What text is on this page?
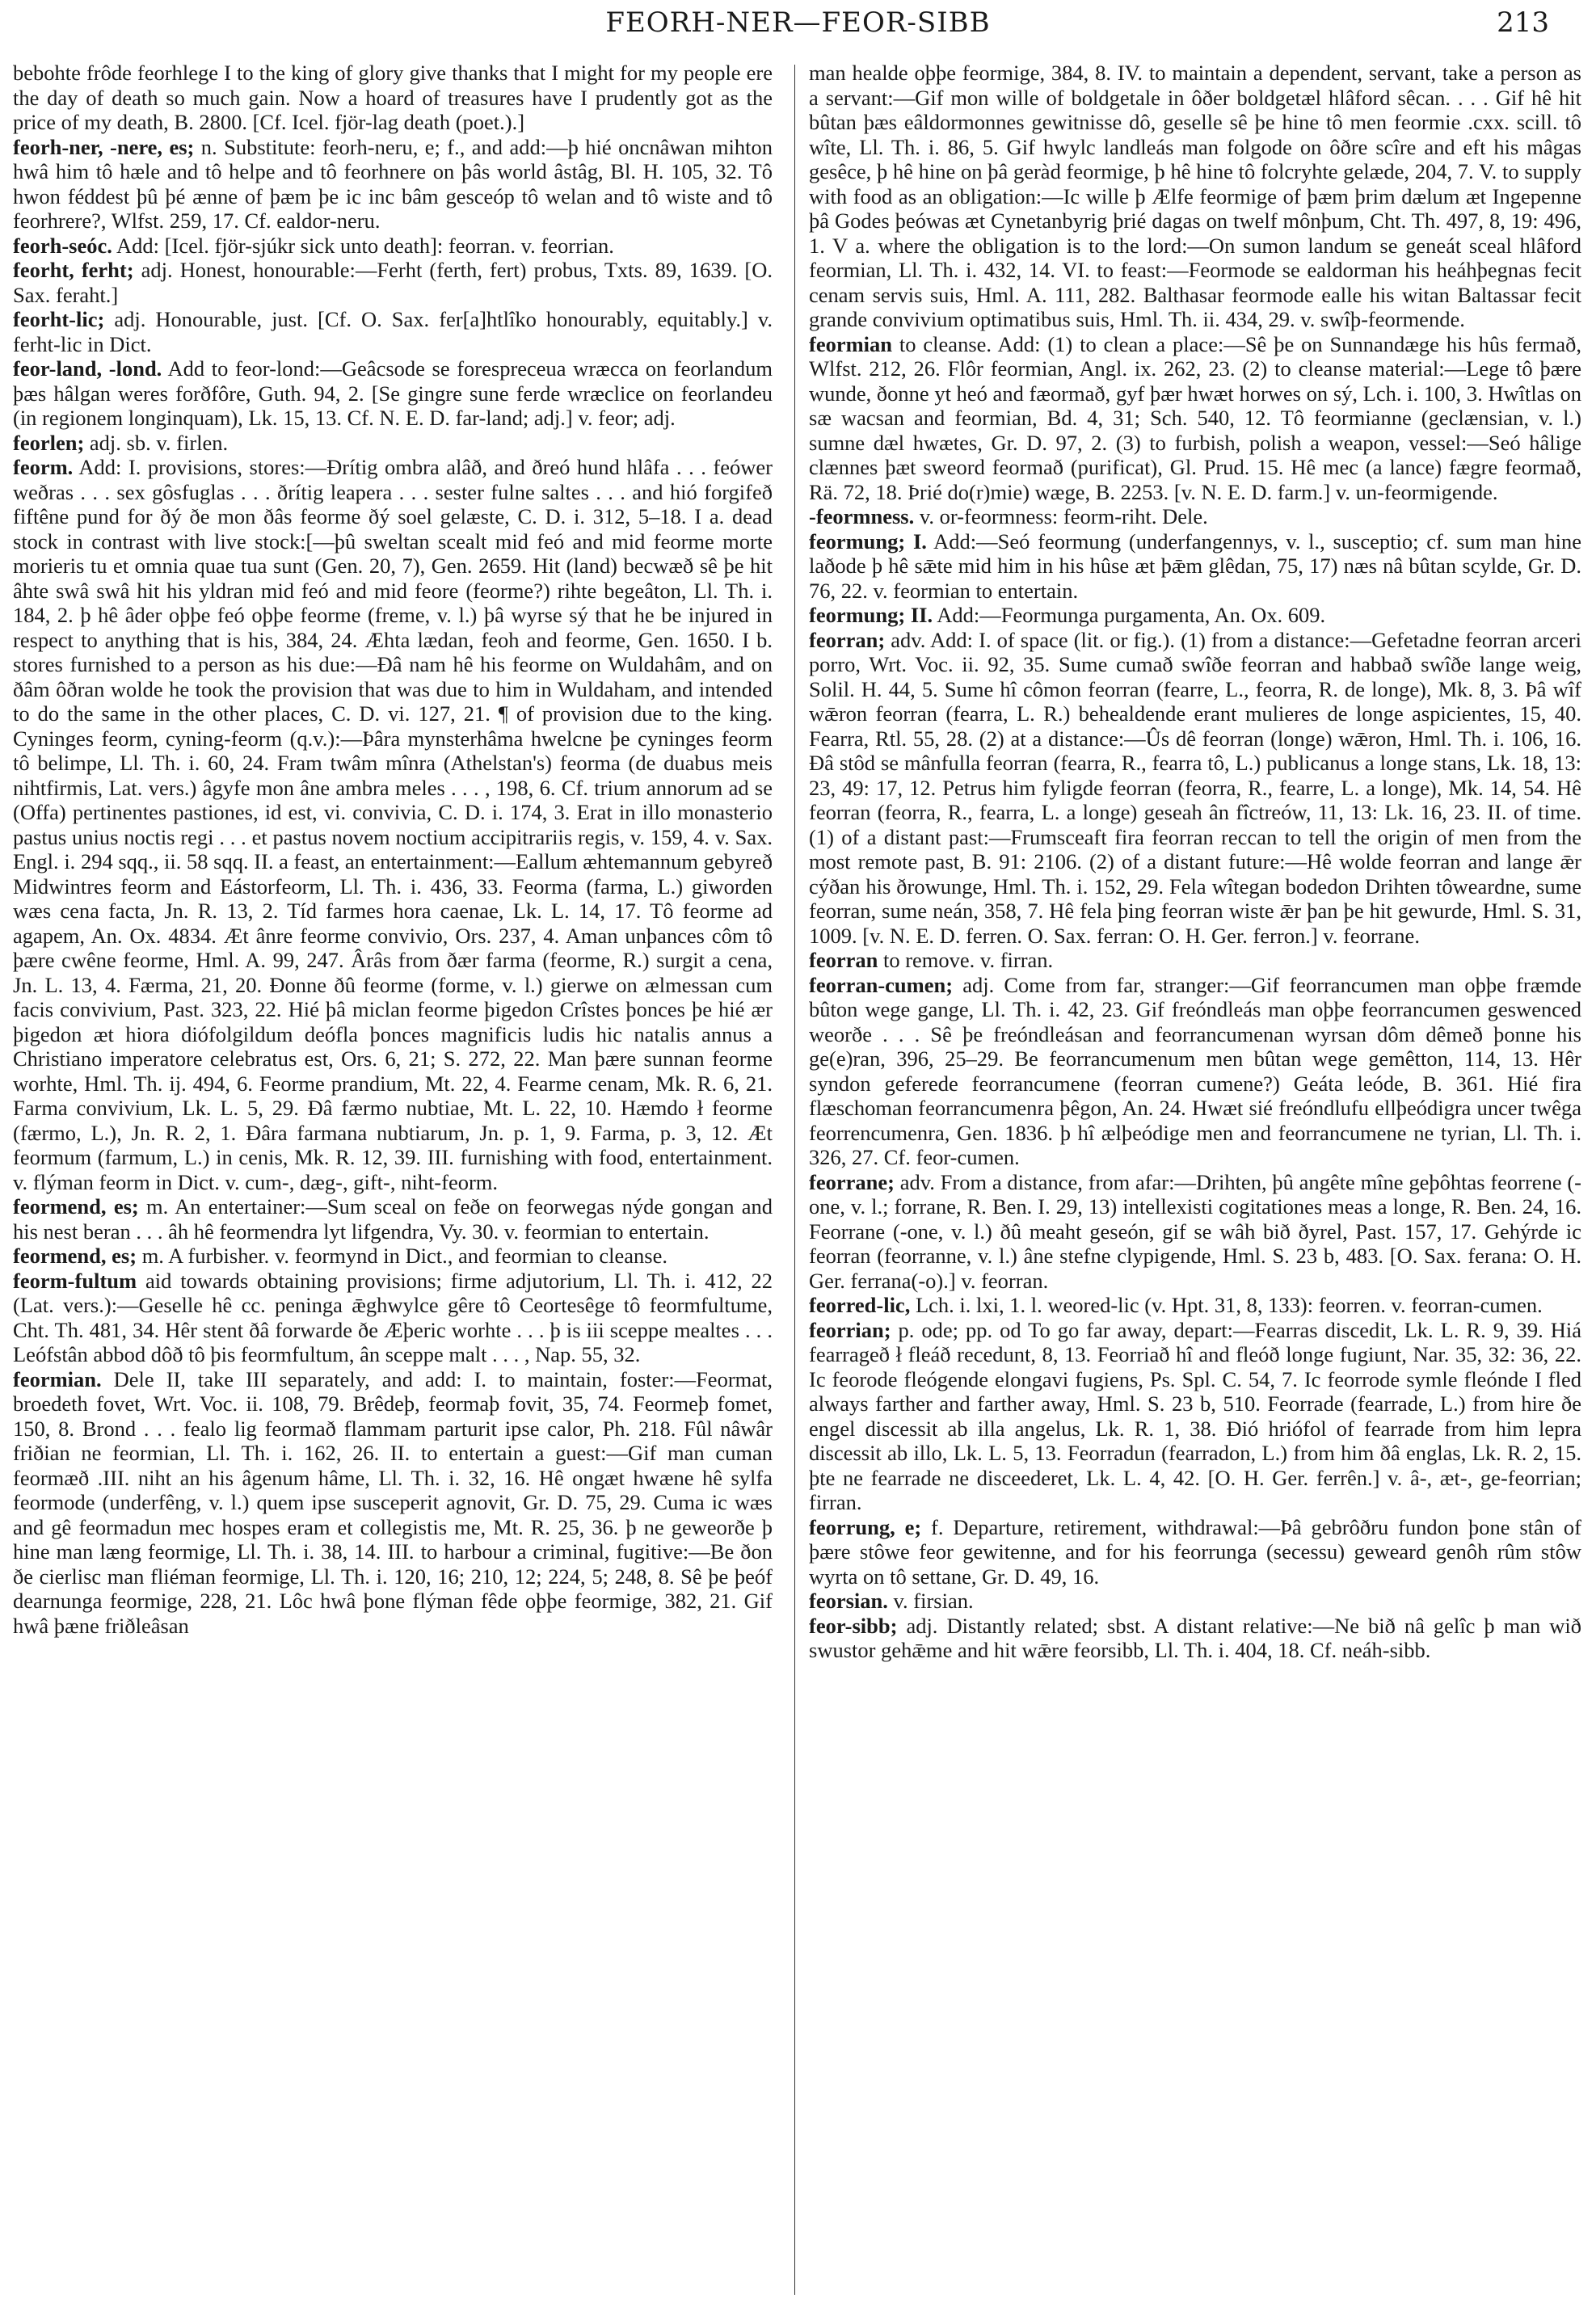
FEORH-NER—FEOR-SIBB	213

bebohte frôde feorhlege I to the king of glory give thanks that I might for my people ere the day of death so much gain. Now a hoard of treasures have I prudently got as the price of my death, B. 2800. [Cf. Icel. fjör-lag death (poet.).]

feorh-ner, -nere, es; n. Substitute: feorh-neru, e; f., and add:—þ hié oncnâwan mihton hwâ him tô hæle and tô helpe and tô feorhnere on þâs world âstâg, Bl. H. 105, 32. Tô hwon féddest þû þé ænne of þæm þe ic inc bâm gesceóp tô welan and tô wiste and tô feorhrere?, Wlfst. 259, 17. Cf. ealdor-neru.

feorh-seóc. Add: [Icel. fjör-sjúkr sick unto death]: feorran. v. feorrian.

feorht, ferht; adj. Honest, honourable:—Ferht (ferth, fert) probus, Txts. 89, 1639. [O. Sax. feraht.]

feorht-lic; adj. Honourable, just. [Cf. O. Sax. fer[a]htlîko honourably, equitably.] v. ferht-lic in Dict.

feor-land, -lond. Add to feor-lond:—Geâcsode se forespreceua wræcca on feorlandum þæs hâlgan weres forðfôre, Guth. 94, 2. [Se gingre sune ferde wræclice on feorlandeu (in regionem longinquam), Lk. 15, 13. Cf. N. E. D. far-land; adj.] v. feor; adj.

feorlen; adj. sb. v. firlen.

feorm. Add: I. provisions, stores:—Ðrítig ombra alâð, and ðreó hund hlâfa . . . feówer weðras . . . sex gôsfuglas . . . ðrítig leapera . . . sester fulne saltes . . . and hió forgifeð fiftêne pund for ðý ðe mon ðâs feorme ðý soel gelæste, C. D. i. 312, 5–18. I a. dead stock in contrast with live stock:[—þû sweltan scealt mid feó and mid feorme morte morieris tu et omnia quae tua sunt (Gen. 20, 7), Gen. 2659. Hit (land) becwæð sê þe hit âhte swâ swâ hit his yldran mid feó and mid feore (feorme?) rihte begeâton, Ll. Th. i. 184, 2. þ hê âder oþþe feó oþþe feorme (freme, v. l.) þâ wyrse sý that he be injured in respect to anything that is his, 384, 24. Æhta lædan, feoh and feorme, Gen. 1650. I b. stores furnished to a person as his due:—Ðâ nam hê his feorme on Wuldahâm, and on ðâm ôðran wolde he took the provision that was due to him in Wuldaham, and intended to do the same in the other places, C. D. vi. 127, 21. ¶ of provision due to the king. Cyninges feorm, cyning-feorm (q.v.):—Þâra mynsterhâma hwelcne þe cyninges feorm tô belimpe, Ll. Th. i. 60, 24. Fram twâm mînra (Athelstan's) feorma (de duabus meis nihtfirmis, Lat. vers.) âgyfe mon âne ambra meles . . . , 198, 6. Cf. trium annorum ad se (Offa) pertinentes pastiones, id est, vi. convivia, C. D. i. 174, 3. Erat in illo monasterio pastus unius noctis regi . . . et pastus novem noctium accipitrariis regis, v. 159, 4. v. Sax. Engl. i. 294 sqq., ii. 58 sqq. II. a feast, an entertainment:—Eallum æhtemannum gebyreð Midwintres feorm and Eástorfeorm, Ll. Th. i. 436, 33. Feorma (farma, L.) giworden wæs cena facta, Jn. R. 13, 2. Tíd farmes hora caenae, Lk. L. 14, 17. Tô feorme ad agapem, An. Ox. 4834. Æt ânre feorme convivio, Ors. 237, 4. Aman unþances côm tô þære cwêne feorme, Hml. A. 99, 247. Ârâs from ðær farma (feorme, R.) surgit a cena, Jn. L. 13, 4. Færma, 21, 20. Ðonne ðû feorme (forme, v. l.) gierwe on ælmessan cum facis convivium, Past. 323, 22. Hié þâ miclan feorme þigedon Crîstes þonces þe hié ær þigedon æt hiora diófolgildum deófla þonces magnificis ludis hic natalis annus a Christiano imperatore celebratus est, Ors. 6, 21; S. 272, 22. Man þære sunnan feorme worhte, Hml. Th. ij. 494, 6. Feorme prandium, Mt. 22, 4. Fearme cenam, Mk. R. 6, 21. Farma convivium, Lk. L. 5, 29. Ðâ færmo nubtiae, Mt. L. 22, 10. Hæmdo ł feorme (færmo, L.), Jn. R. 2, 1. Ðâra farmana nubtiarum, Jn. p. 1, 9. Farma, p. 3, 12. Æt feormum (farmum, L.) in cenis, Mk. R. 12, 39. III. furnishing with food, entertainment. v. flýman feorm in Dict. v. cum-, dæg-, gift-, niht-feorm.

feormend, es; m. An entertainer:—Sum sceal on feðe on feorwegas nýde gongan and his nest beran . . . âh hê feormendra lyt lifgendra, Vy. 30. v. feormian to entertain.

feormend, es; m. A furbisher. v. feormynd in Dict., and feormian to cleanse.

feorm-fultum aid towards obtaining provisions; firme adjutorium, Ll. Th. i. 412, 22 (Lat. vers.):—Geselle hê cc. peninga ǣghwylce gêre tô Ceortesêge tô feormfultume, Cht. Th. 481, 34. Hêr stent ðâ forwarde ðe Æþeric worhte . . . þ is iii sceppe mealtes . . . Leófstân abbod dôð tô þis feormfultum, ân sceppe malt . . . , Nap. 55, 32.

feormian. Dele II, take III separately, and add: I. to maintain, foster:—Feormat, broedeth fovet, Wrt. Voc. ii. 108, 79. Brêdeþ, feormaþ fovit, 35, 74. Feormeþ fomet, 150, 8. Brond . . . fealo lig feormað flammam parturit ipse calor, Ph. 218. Fûl nâwâr friðian ne feormian, Ll. Th. i. 162, 26. II. to entertain a guest:—Gif man cuman feormæð .III. niht an his âgenum hâme, Ll. Th. i. 32, 16. Hê ongæt hwæne hê sylfa feormode (underfêng, v. l.) quem ipse susceperit agnovit, Gr. D. 75, 29. Cuma ic wæs and gê feormadun mec hospes eram et collegistis me, Mt. R. 25, 36. þ ne geweorðe þ hine man læng feormige, Ll. Th. i. 38, 14. III. to harbour a criminal, fugitive:—Be ðon ðe cierlisc man fliéman feormige, Ll. Th. i. 120, 16; 210, 12; 224, 5; 248, 8. Sê þe þeóf dearnunga feormige, 228, 21. Lôc hwâ þone flýman fêde oþþe feormige, 382, 21. Gif hwâ þæne friðleâsan

man healde oþþe feormige, 384, 8. IV. to maintain a dependent, servant, take a person as a servant:—Gif mon wille of boldgetale in ôðer boldgetæl hlâford sêcan. . . . Gif hê hit bûtan þæs eâldormonnes gewitnisse dô, geselle sê þe hine tô men feormie .cxx. scill. tô wîte, Ll. Th. i. 86, 5. Gif hwylc landleás man folgode on ôðre scîre and eft his mâgas gesêce, þ hê hine on þâ geràd feormige, þ hê hine tô folcryhte gelæde, 204, 7. V. to supply with food as an obligation:—Ic wille þ Ælfe feormige of þæm þrim dælum æt Ingepenne þâ Godes þeówas æt Cynetanbyrig þrié dagas on twelf mônþum, Cht. Th. 497, 8, 19: 496, 1. V a. where the obligation is to the lord:—On sumon landum se geneát sceal hlâford feormian, Ll. Th. i. 432, 14. VI. to feast:—Feormode se ealdorman his heáhþegnas fecit cenam servis suis, Hml. A. 111, 282. Balthasar feormode ealle his witan Baltassar fecit grande convivium optimatibus suis, Hml. Th. ii. 434, 29. v. swîþ-feormende.

feormian to cleanse. Add: (1) to clean a place:—Sê þe on Sunnandæge his hûs fermað, Wlfst. 212, 26. Flôr feormian, Angl. ix. 262, 23. (2) to cleanse material:—Lege tô þære wunde, ðonne yt heó and fæormað, gyf þær hwæt horwes on sý, Lch. i. 100, 3. Hwîtlas on sæ wacsan and feormian, Bd. 4, 31; Sch. 540, 12. Tô feormianne (geclænsian, v. l.) sumne dæl hwætes, Gr. D. 97, 2. (3) to furbish, polish a weapon, vessel:—Seó hâlige clænnes þæt sweord feormað (purificat), Gl. Prud. 15. Hê mec (a lance) fægre feormað, Rä. 72, 18. Þrié do(r)mie) wæge, B. 2253. [v. N. E. D. farm.] v. un-feormigende.

-feormness. v. or-feormness: feorm-riht. Dele.

feormung; I. Add:—Seó feormung (underfangennys, v. l., susceptio; cf. sum man hine laðode þ hê sǣte mid him in his hûse æt þǣm glêdan, 75, 17) næs nâ bûtan scylde, Gr. D. 76, 22. v. feormian to entertain.

feormung; II. Add:—Feormunga purgamenta, An. Ox. 609.

feorran; adv. Add: I. of space (lit. or fig.). (1) from a distance:—Gefetadne feorran arceri porro, Wrt. Voc. ii. 92, 35. Sume cumað swîðe feorran and habbað swîðe lange weig, Solil. H. 44, 5. Sume hî cômon feorran (fearre, L., feorra, R. de longe), Mk. 8, 3. Þâ wîf wǣron feorran (fearra, L. R.) behealdende erant mulieres de longe aspicientes, 15, 40. Fearra, Rtl. 55, 28. (2) at a distance:—Ûs dê feorran (longe) wǣron, Hml. Th. i. 106, 16. Ðâ stôd se mânfulla feorran (fearra, R., fearra tô, L.) publicanus a longe stans, Lk. 18, 13: 23, 49: 17, 12. Petrus him fyligde feorran (feorra, R., fearre, L. a longe), Mk. 14, 54. Hê feorran (feorra, R., fearra, L. a longe) geseah ân fîctreów, 11, 13: Lk. 16, 23. II. of time. (1) of a distant past:—Frumsceaft fira feorran reccan to tell the origin of men from the most remote past, B. 91: 2106. (2) of a distant future:—Hê wolde feorran and lange ǣr cýðan his ðrowunge, Hml. Th. i. 152, 29. Fela wîtegan bodedon Drihten tôweardne, sume feorran, sume neán, 358, 7. Hê fela þing feorran wiste ǣr þan þe hit gewurde, Hml. S. 31, 1009. [v. N. E. D. ferren. O. Sax. ferran: O. H. Ger. ferron.] v. feorrane.

feorran to remove. v. firran.

feorran-cumen; adj. Come from far, stranger:—Gif feorrancumen man oþþe fræmde bûton wege gange, Ll. Th. i. 42, 23. Gif freóndleás man oþþe feorrancumen geswenced weorðe . . . Sê þe freóndleásan and feorrancumenan wyrsan dôm dêmeð þonne his ge(e)ran, 396, 25–29. Be feorrancumenum men bûtan wege gemêtton, 114, 13. Hêr syndon geferede feorrancumene (feorran cumene?) Geáta leóde, B. 361. Hié fira flæschoman feorrancumenra þêgon, An. 24. Hwæt sié freóndlufu ellþeódigra uncer twêga feorrencumenra, Gen. 1836. þ hî ælþeódige men and feorrancumene ne tyrian, Ll. Th. i. 326, 27. Cf. feor-cumen.

feorrane; adv. From a distance, from afar:—Drihten, þû angête mîne geþôhtas feorrene (-one, v. l.; forrane, R. Ben. I. 29, 13) intellexisti cogitationes meas a longe, R. Ben. 24, 16. Feorrane (-one, v. l.) ðû meaht geseón, gif se wâh bið ðyrel, Past. 157, 17. Gehýrde ic feorran (feorranne, v. l.) âne stefne clypigende, Hml. S. 23 b, 483. [O. Sax. ferana: O. H. Ger. ferrana(-o).] v. feorran.

feorred-lic, Lch. i. lxi, 1. l. weored-lic (v. Hpt. 31, 8, 133): feorren. v. feorran-cumen.

feorrian; p. ode; pp. od To go far away, depart:—Fearras discedit, Lk. L. R. 9, 39. Hiá fearrageð ł fleáð recedunt, 8, 13. Feorriað hî and fleóð longe fugiunt, Nar. 35, 32: 36, 22. Ic feorode fleógende elongavi fugiens, Ps. Spl. C. 54, 7. Ic feorrode symle fleónde I fled always farther and farther away, Hml. S. 23 b, 510. Feorrade (fearrade, L.) from hire ðe engel discessit ab illa angelus, Lk. R. 1, 38. Ðió hriófol of fearrade from him lepra discessit ab illo, Lk. L. 5, 13. Feorradun (fearradon, L.) from him ðâ englas, Lk. R. 2, 15. þte ne fearrade ne disceederet, Lk. L. 4, 42. [O. H. Ger. ferrên.] v. â-, æt-, ge-feorrian; firran.

feorrung, e; f. Departure, retirement, withdrawal:—Þâ gebrôðru fundon þone stân of þære stôwe feor gewitenne, and for his feorrunga (secessu) geweard genôh rûm stôw wyrta on tô settane, Gr. D. 49, 16.

feorsian. v. firsian.

feor-sibb; adj. Distantly related; sbst. A distant relative:—Ne bið nâ gelîc þ man wið swustor gehǣme and hit wǣre feorsibb, Ll. Th. i. 404, 18. Cf. neáh-sibb.
